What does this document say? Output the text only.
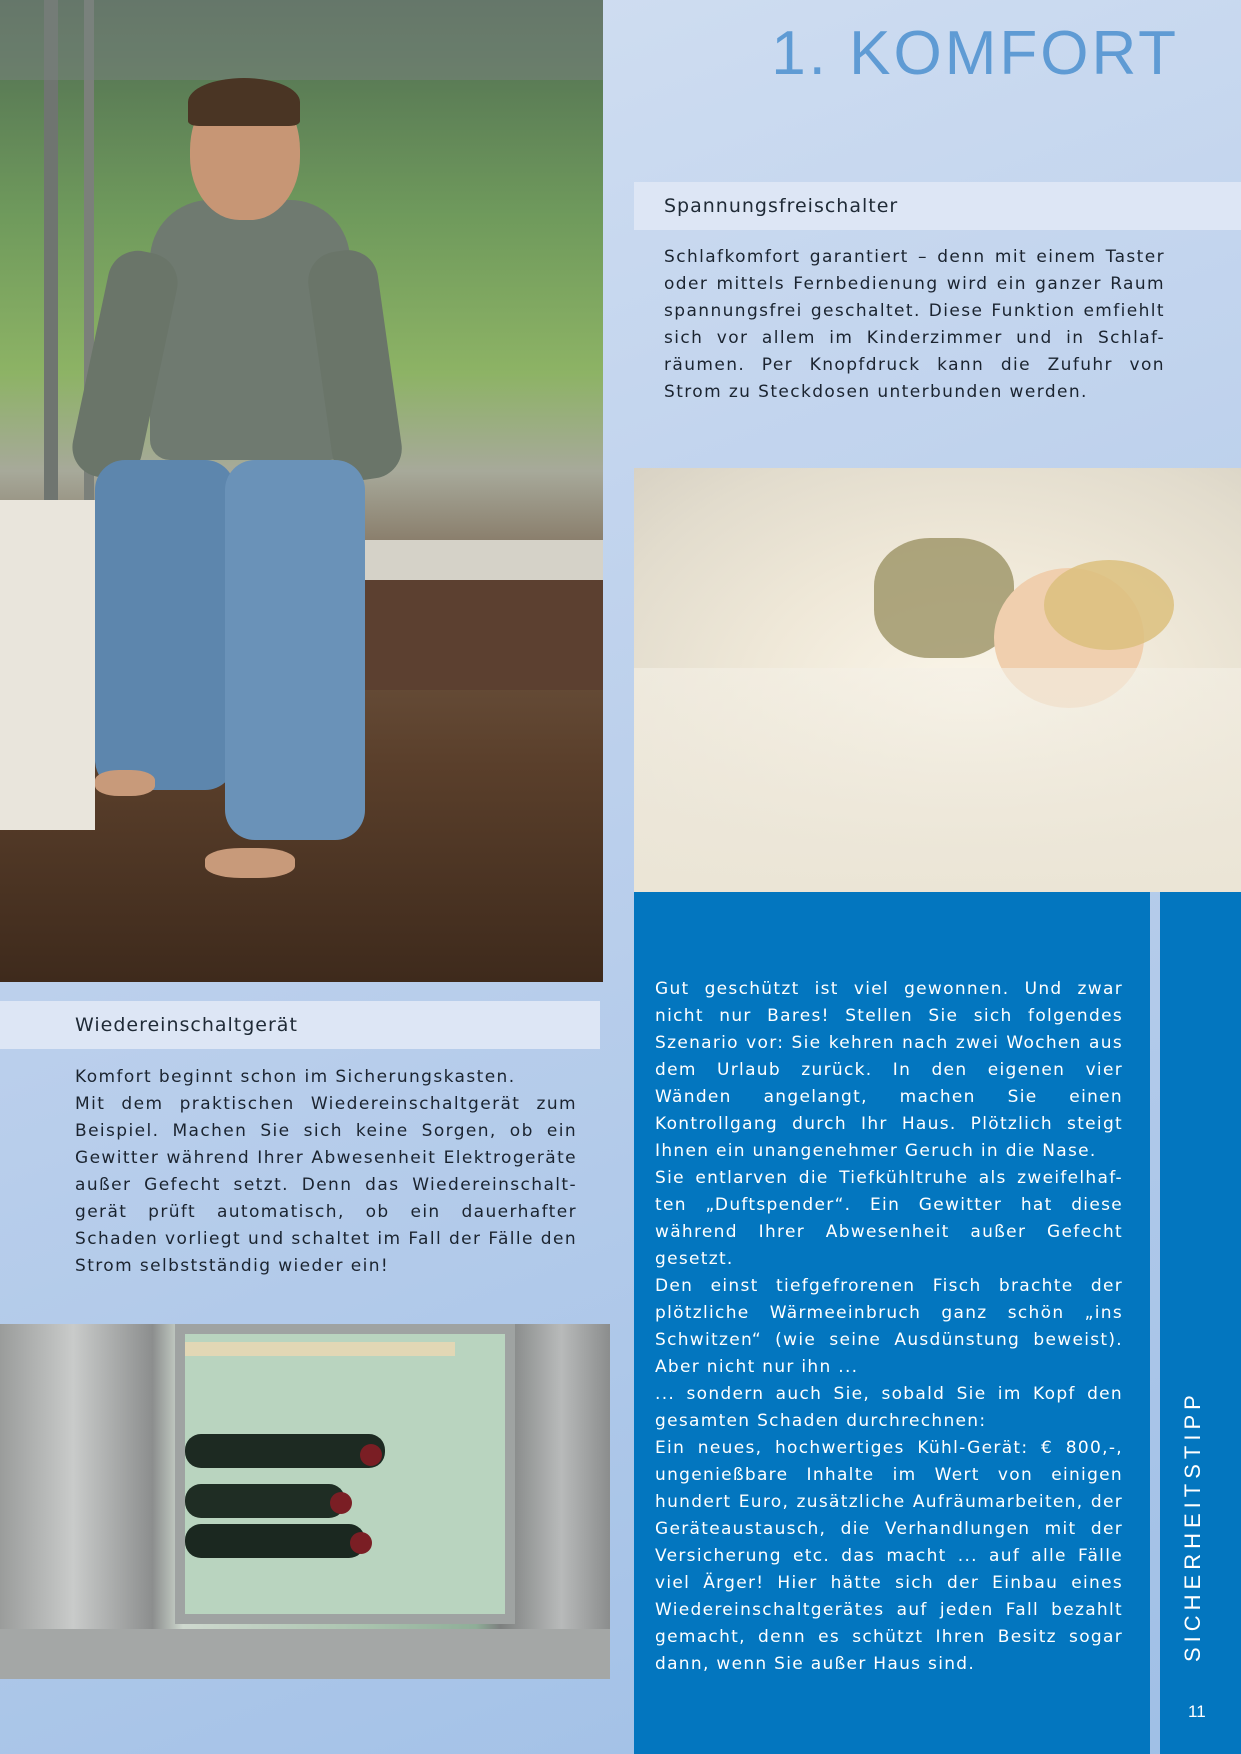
1. KOMFORT
Spannungsfreischalter
Schlafkomfort garantiert – denn mit einem Taster oder mittels Fernbedienung wird ein ganzer Raum spannungsfrei geschaltet. Diese Funktion emfiehlt sich vor allem im Kinderzimmer und in Schlaf-räumen. Per Knopfdruck kann die Zufuhr von Strom zu Steckdosen unterbunden werden.
Wiedereinschaltgerät
Komfort beginnt schon im Sicherungskasten.
Mit dem praktischen Wiedereinschaltgerät zum Beispiel. Machen Sie sich keine Sorgen, ob ein Gewitter während Ihrer Abwesenheit Elektrogeräte außer Gefecht setzt. Denn das Wiedereinschalt-gerät prüft automatisch, ob ein dauerhafter Schaden vorliegt und schaltet im Fall der Fälle den Strom selbstständig wieder ein!
Gut geschützt ist viel gewonnen. Und zwar nicht nur Bares! Stellen Sie sich folgendes Szenario vor: Sie kehren nach zwei Wochen aus dem Urlaub zurück. In den eigenen vier Wänden angelangt, machen Sie einen Kontrollgang durch Ihr Haus. Plötzlich steigt Ihnen ein unangenehmer Geruch in die Nase.
Sie entlarven die Tiefkühltruhe als zweifelhaf-ten „Duftspender“. Ein Gewitter hat diese während Ihrer Abwesenheit außer Gefecht gesetzt.
Den einst tiefgefrorenen Fisch brachte der plötzliche Wärmeeinbruch ganz schön „ins Schwitzen“ (wie seine Ausdünstung beweist). Aber nicht nur ihn ...
... sondern auch Sie, sobald Sie im Kopf den gesamten Schaden durchrechnen:
Ein neues, hochwertiges Kühl-Gerät: € 800,-, ungenießbare Inhalte im Wert von einigen hundert Euro, zusätzliche Aufräumarbeiten, der Geräteaustausch, die Verhandlungen mit der Versicherung etc. das macht ... auf alle Fälle viel Ärger! Hier hätte sich der Einbau eines Wiedereinschaltgerätes auf jeden Fall bezahlt gemacht, denn es schützt Ihren Besitz sogar dann, wenn Sie außer Haus sind.
SICHERHEITSTIPP
11
